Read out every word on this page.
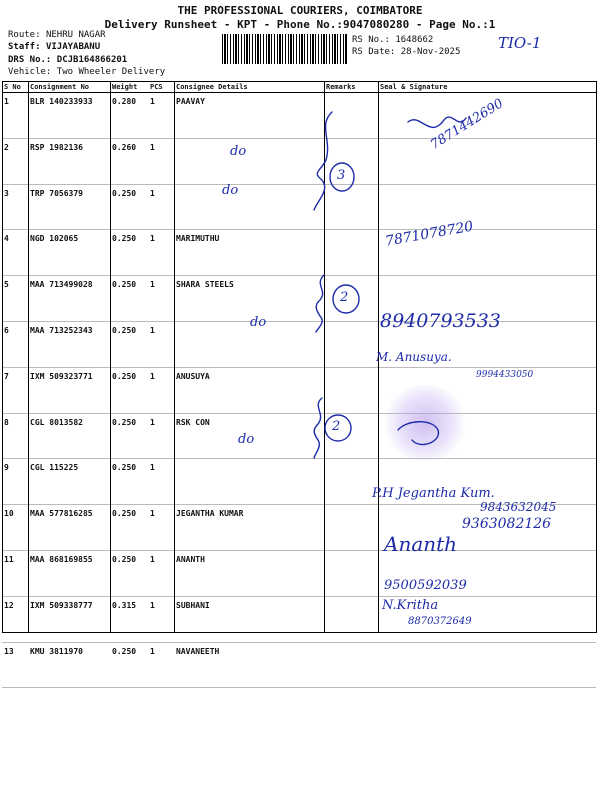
THE PROFESSIONAL COURIERS, COIMBATORE
Delivery Runsheet - KPT - Phone No.:9047080280 - Page No.:1
Route: NEHRU NAGAR
Staff: VIJAYABANU
DRS No.: DCJB164866201
Vehicle: Two Wheeler Delivery
RS No.: 1648662
RS Date: 28-Nov-2025	TIO-1
S No	Consignment No	Weight	PCS	Consignee Details	Remarks	Seal & Signature
1	BLR 140233933	0.280	1	PAAVAY		
2	RSP 1982136	0.260	1			
3	TRP 7056379	0.250	1			
4	NGD 102065	0.250	1	MARIMUTHU		
5	MAA 713499028	0.250	1	SHARA STEELS		
6	MAA 713252343	0.250	1			
7	IXM 509323771	0.250	1	ANUSUYA		
8	CGL 8013582	0.250	1	RSK CON		
9	CGL 115225	0.250	1			
10	MAA 577816285	0.250	1	JEGANTHA KUMAR		
11	MAA 868169855	0.250	1	ANANTH		
12	IXM 509338777	0.315	1	SUBHANI		
13	KMU 3811970	0.250	1	NAVANEETH		
3
2
2
do
do
do
do
7871442690
7871078720
8940793533
M. Anusuya.
9994433050
P.H Jegantha Kum.
9843632045
9363082126
Ananth
9500592039
N.Kritha
8870372649
